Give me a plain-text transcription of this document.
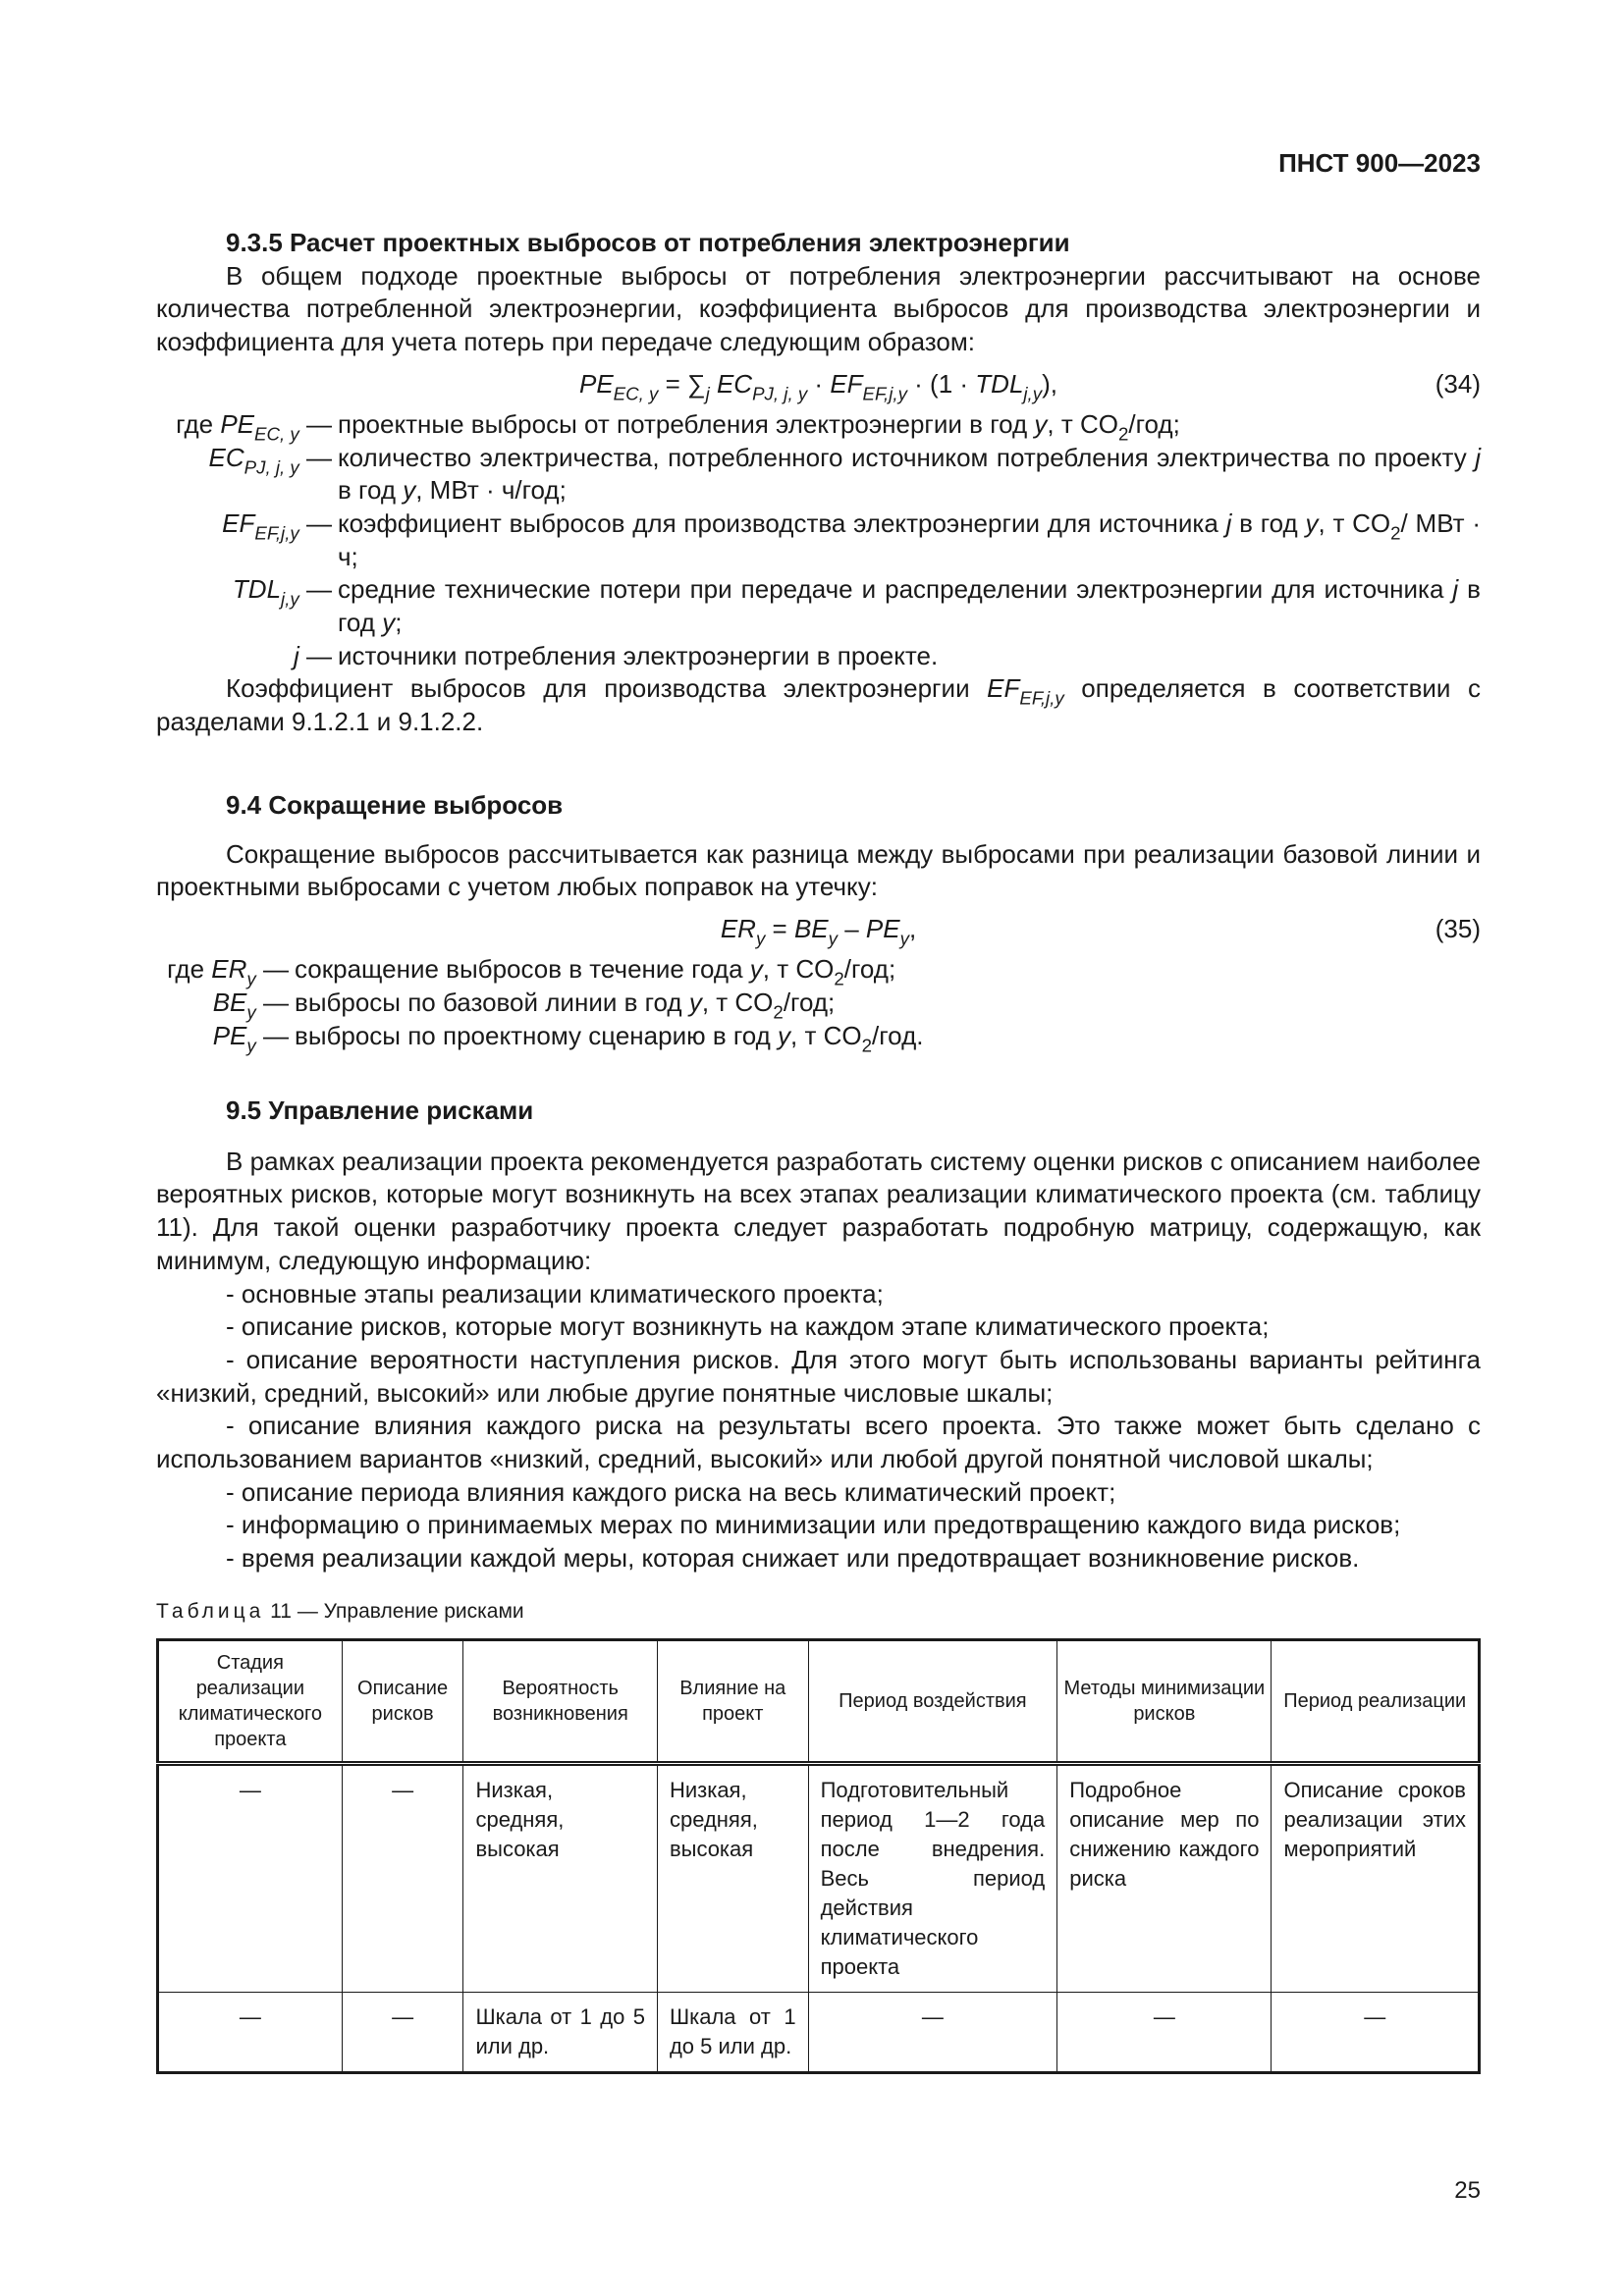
ПНСТ 900—2023
9.3.5 Расчет проектных выбросов от потребления электроэнергии
В общем подходе проектные выбросы от потребления электроэнергии рассчитывают на основе количества потребленной электроэнергии, коэффициента выбросов для производства электроэнергии и коэффициента для учета потерь при передаче следующим образом:
$PE_{EC, y} = \sum_j$ $EC_{PJ, j, y} \cdot EF_{EF,j,y} \cdot (1 \cdot TDL_{j,y})$,	(34)
где $PE_{EC, y}$ — проектные выбросы от потребления электроэнергии в год y, т $CO_2$/год;
$EC_{PJ, j, y}$ — количество электричества, потребленного источником потребления электричества по проекту j в год y, МВт · ч/год;
$EF_{EF,j,y}$ — коэффициент выбросов для производства электроэнергии для источника j в год y, т $CO_2/$ МВт · ч;
$TDL_{j,y}$ — средние технические потери при передаче и распределении электроэнергии для источника j в год y;
j — источники потребления электроэнергии в проекте.
Коэффициент выбросов для производства электроэнергии $EF_{EF,j,y}$ определяется в соответствии с разделами 9.1.2.1 и 9.1.2.2.
9.4 Сокращение выбросов
Сокращение выбросов рассчитывается как разница между выбросами при реализации базовой линии и проектными выбросами с учетом любых поправок на утечку:
$ER_y = BE_y - PE_y$,	(35)
где $ER_y$ — сокращение выбросов в течение года y, т $CO_2$/год;
$BE_y$ — выбросы по базовой линии в год y, т $CO_2$/год;
$PE_y$ — выбросы по проектному сценарию в год y, т $CO_2$/год.
9.5 Управление рисками
В рамках реализации проекта рекомендуется разработать систему оценки рисков с описанием наиболее вероятных рисков, которые могут возникнуть на всех этапах реализации климатического проекта (см. таблицу 11). Для такой оценки разработчику проекта следует разработать подробную матрицу, содержащую, как минимум, следующую информацию:
- основные этапы реализации климатического проекта;
- описание рисков, которые могут возникнуть на каждом этапе климатического проекта;
- описание вероятности наступления рисков. Для этого могут быть использованы варианты рейтинга «низкий, средний, высокий» или любые другие понятные числовые шкалы;
- описание влияния каждого риска на результаты всего проекта. Это также может быть сделано с использованием вариантов «низкий, средний, высокий» или любой другой понятной числовой шкалы;
- описание периода влияния каждого риска на весь климатический проект;
- информацию о принимаемых мерах по минимизации или предотвращению каждого вида рисков;
- время реализации каждой меры, которая снижает или предотвращает возникновение рисков.
Таблица 11 — Управление рисками
Стадия реализации климатического проекта	Описание рисков	Вероятность возникновения	Влияние на проект	Период воздействия	Методы минимизации рисков	Период реализации
—	—	Низкая, средняя, высокая	Низкая, средняя, высокая	Подготовительный период 1—2 года после внедрения. Весь период действия климатического проекта	Подробное описание мер по снижению каждого риска	Описание сроков реализации этих мероприятий
—	—	Шкала от 1 до 5 или др.	Шкала от 1 до 5 или др.	—	—	—
25
